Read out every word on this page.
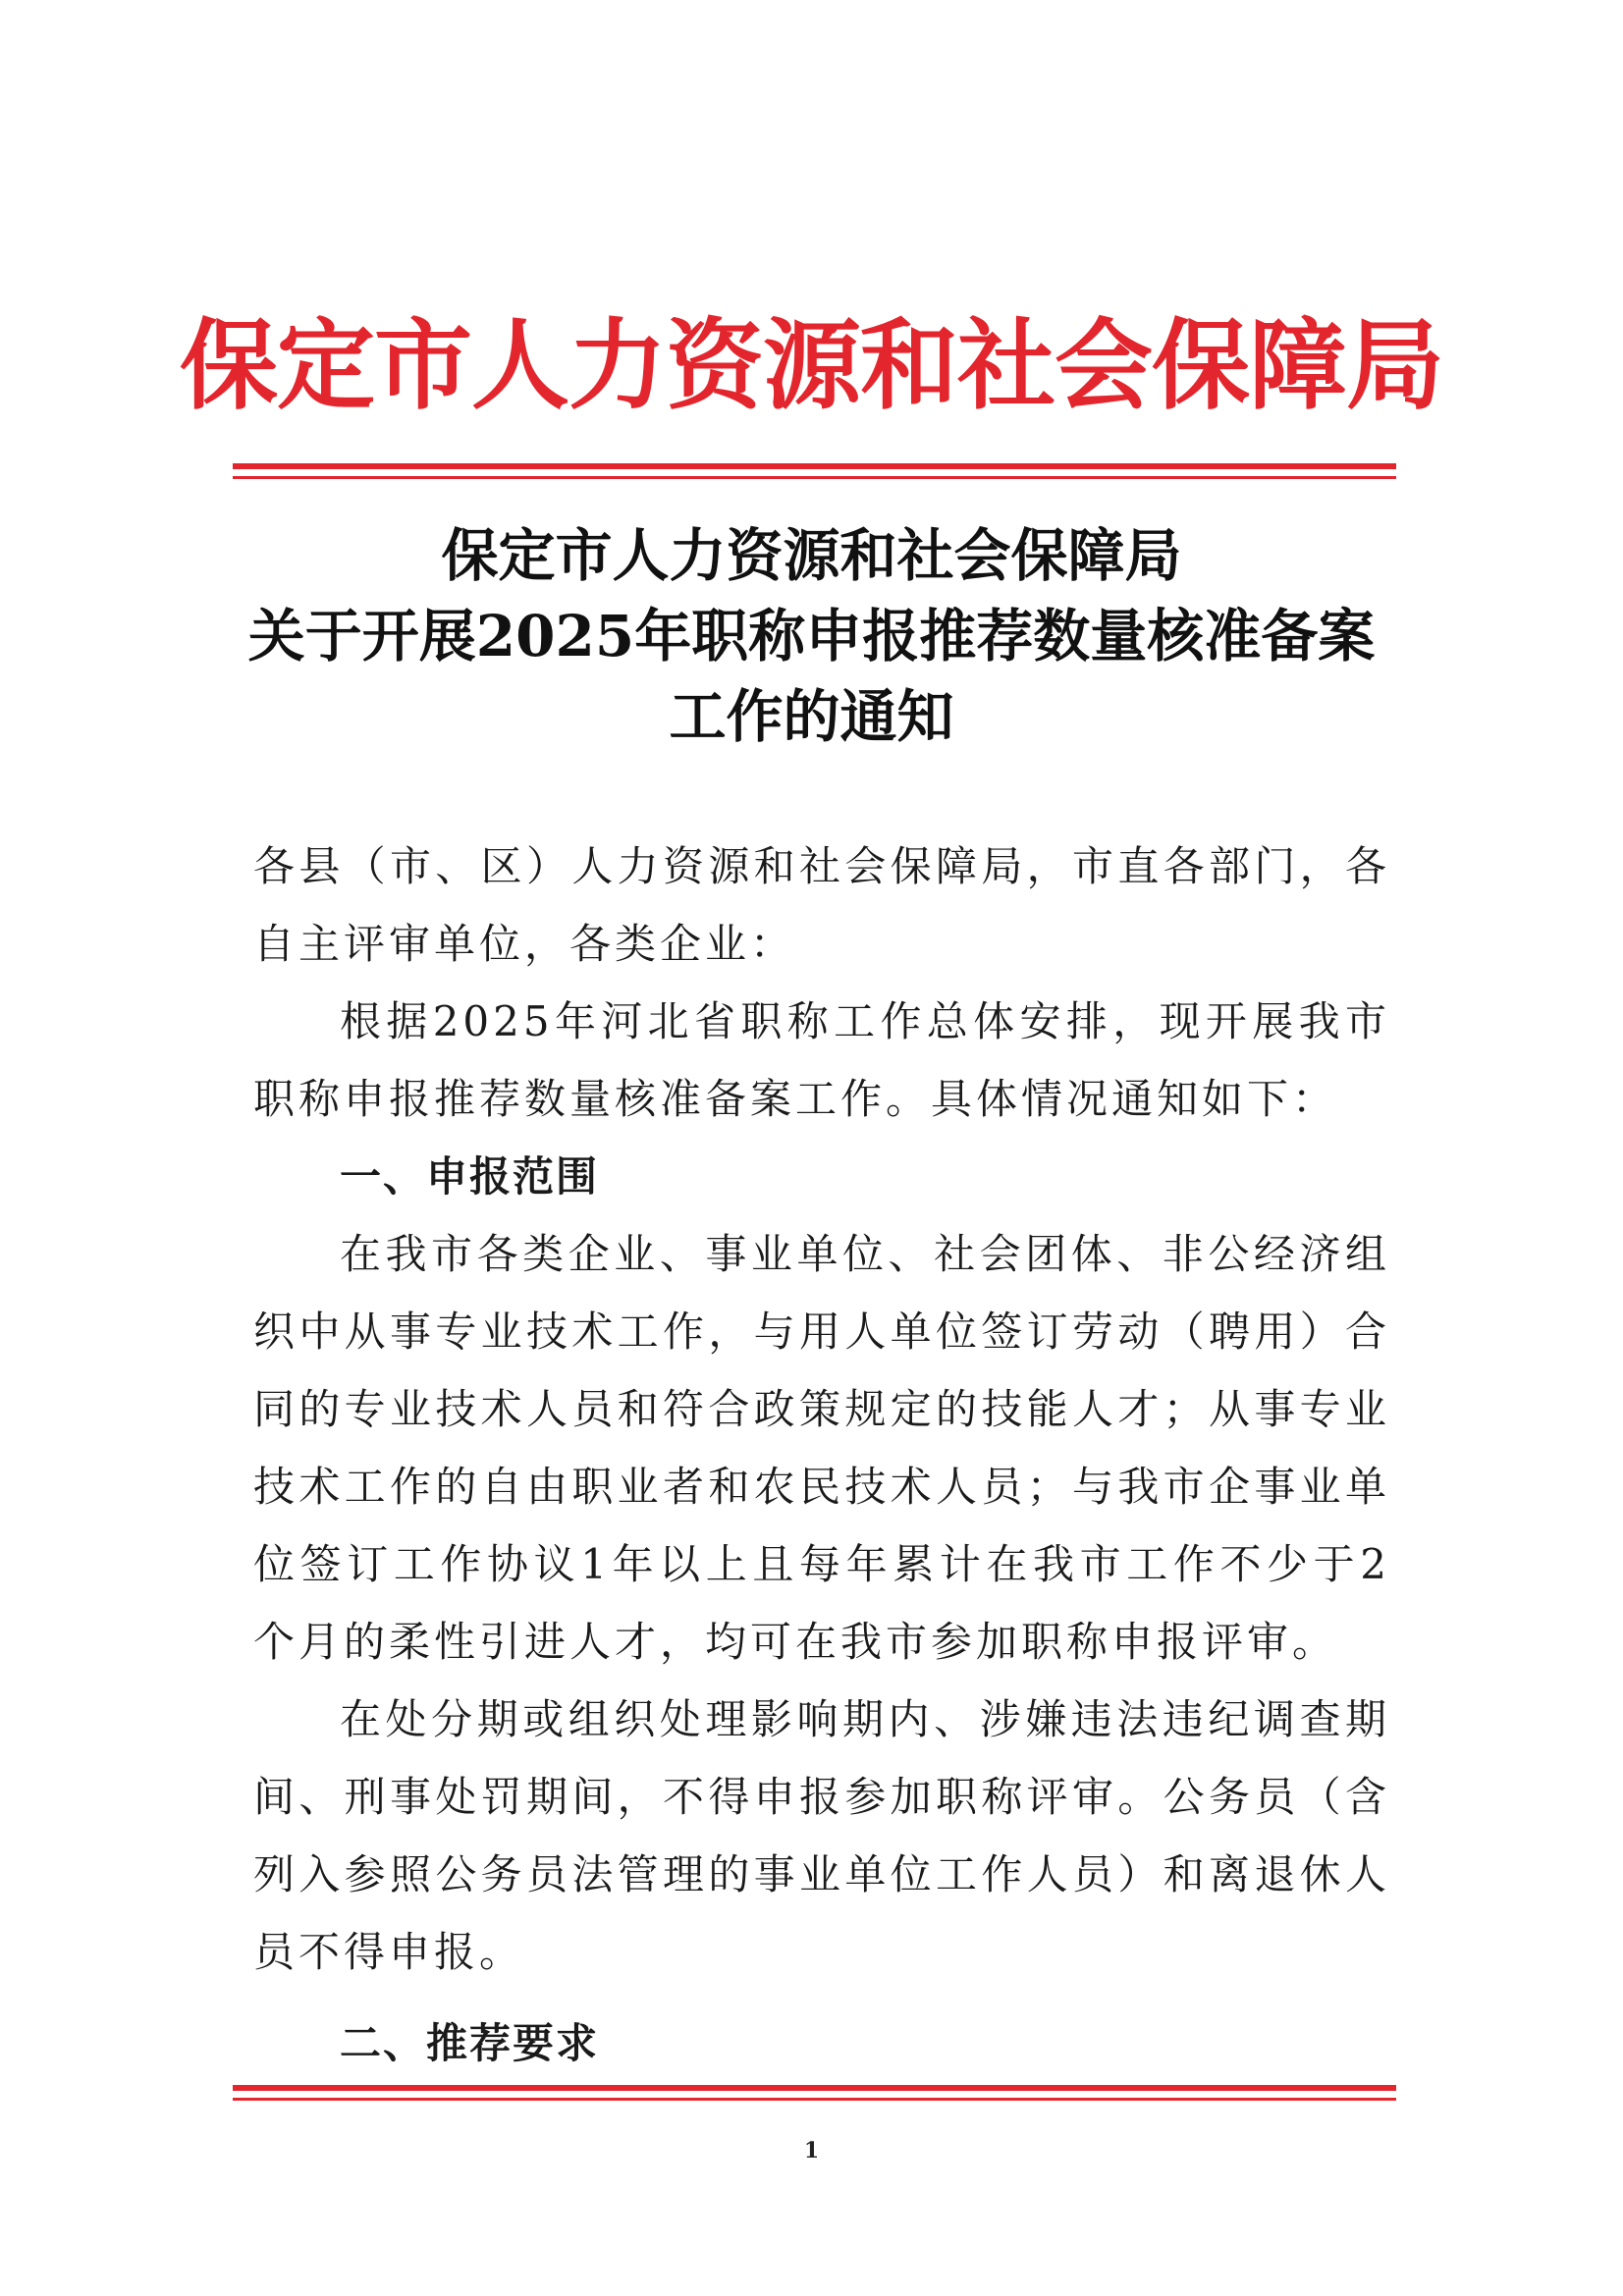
保定市人力资源和社会保障局
保定市人力资源和社会保障局
关于开展2025年职称申报推荐数量核准备案
工作的通知

各县（市、区）人力资源和社会保障局，市直各部门，各自主评审单位，各类企业：

根据2025年河北省职称工作总体安排，现开展我市职称申报推荐数量核准备案工作。具体情况通知如下：

一、申报范围

在我市各类企业、事业单位、社会团体、非公经济组织中从事专业技术工作，与用人单位签订劳动（聘用）合同的专业技术人员和符合政策规定的技能人才；从事专业技术工作的自由职业者和农民技术人员；与我市企事业单位签订工作协议1年以上且每年累计在我市工作不少于2个月的柔性引进人才，均可在我市参加职称申报评审。

在处分期或组织处理影响期内、涉嫌违法违纪调查期间、刑事处罚期间，不得申报参加职称评审。公务员（含列入参照公务员法管理的事业单位工作人员）和离退休人员不得申报。

二、推荐要求

1
